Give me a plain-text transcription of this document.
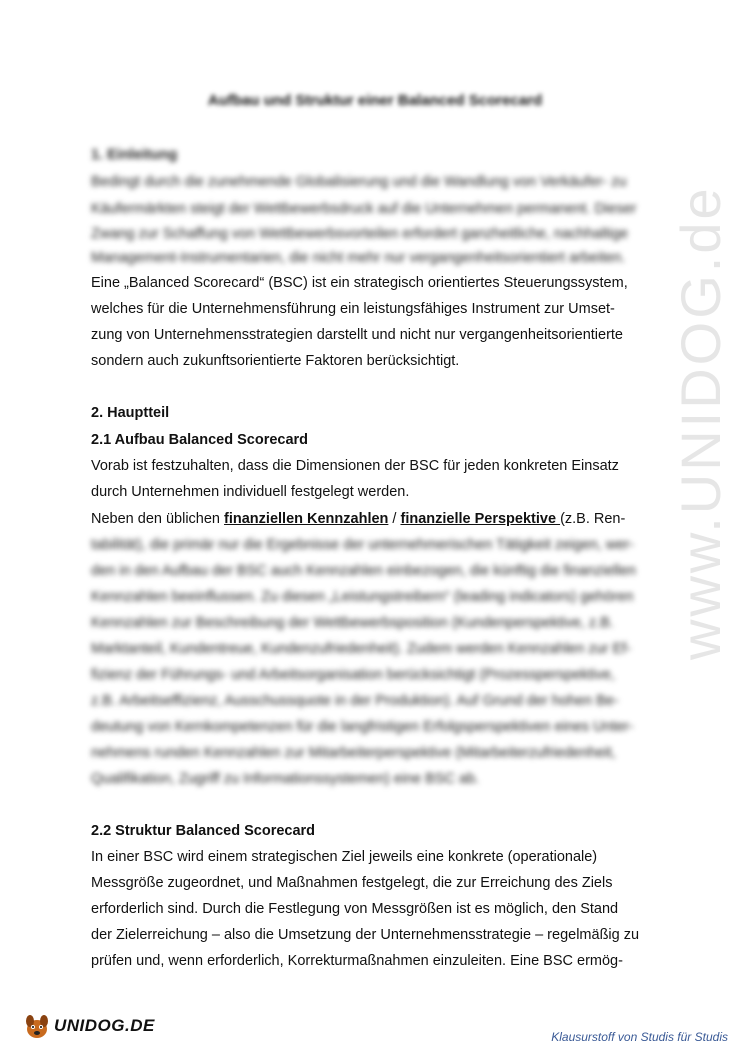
www.UNIDOG.de
Aufbau und Struktur einer Balanced Scorecard
1. Einleitung
Bedingt durch die zunehmende Globalisierung und die Wandlung von Verkäufer- zu
Käufermärkten steigt der Wettbewerbsdruck auf die Unternehmen permanent. Dieser
Zwang zur Schaffung von Wettbewerbsvorteilen erfordert ganzheitliche, nachhaltige
Management-Instrumentarien, die nicht mehr nur vergangenheitsorientiert arbeiten.
Eine „Balanced Scorecard“ (BSC) ist ein strategisch orientiertes Steuerungssystem,
welches für die Unternehmensführung ein leistungsfähiges Instrument zur Umset-
zung von Unternehmensstrategien darstellt und nicht nur vergangenheitsorientierte
sondern auch zukunftsorientierte Faktoren berücksichtigt.
2. Hauptteil
2.1 Aufbau Balanced Scorecard
Vorab ist festzuhalten, dass die Dimensionen der BSC für jeden konkreten Einsatz
durch Unternehmen individuell festgelegt werden.
Neben den üblichen finanziellen Kennzahlen / finanzielle Perspektive (z.B. Ren-
tabilität), die primär nur die Ergebnisse der unternehmerischen Tätigkeit zeigen, wer-
den in den Aufbau der BSC auch Kennzahlen einbezogen, die künftig die finanziellen
Kennzahlen beeinflussen. Zu diesen „Leistungstreibern“ (leading indicators) gehören
Kennzahlen zur Beschreibung der Wettbewerbsposition (Kundenperspektive, z.B.
Marktanteil, Kundentreue, Kundenzufriedenheit). Zudem werden Kennzahlen zur Ef-
fizienz der Führungs- und Arbeitsorganisation berücksichtigt (Prozessperspektive,
z.B. Arbeitseffizienz, Ausschussquote in der Produktion). Auf Grund der hohen Be-
deutung von Kernkompetenzen für die langfristigen Erfolgsperspektiven eines Unter-
nehmens runden Kennzahlen zur Mitarbeiterperspektive (Mitarbeiterzufriedenheit,
Qualifikation, Zugriff zu Informationssystemen) eine BSC ab.
2.2 Struktur Balanced Scorecard
In einer BSC wird einem strategischen Ziel jeweils eine konkrete (operationale)
Messgröße zugeordnet, und Maßnahmen festgelegt, die zur Erreichung des Ziels
erforderlich sind. Durch die Festlegung von Messgrößen ist es möglich, den Stand
der Zielerreichung – also die Umsetzung der Unternehmensstrategie – regelmäßig zu
prüfen und, wenn erforderlich, Korrekturmaßnahmen einzuleiten. Eine BSC ermög-
UNIDOG.DE
Klausurstoff von Studis für Studis
